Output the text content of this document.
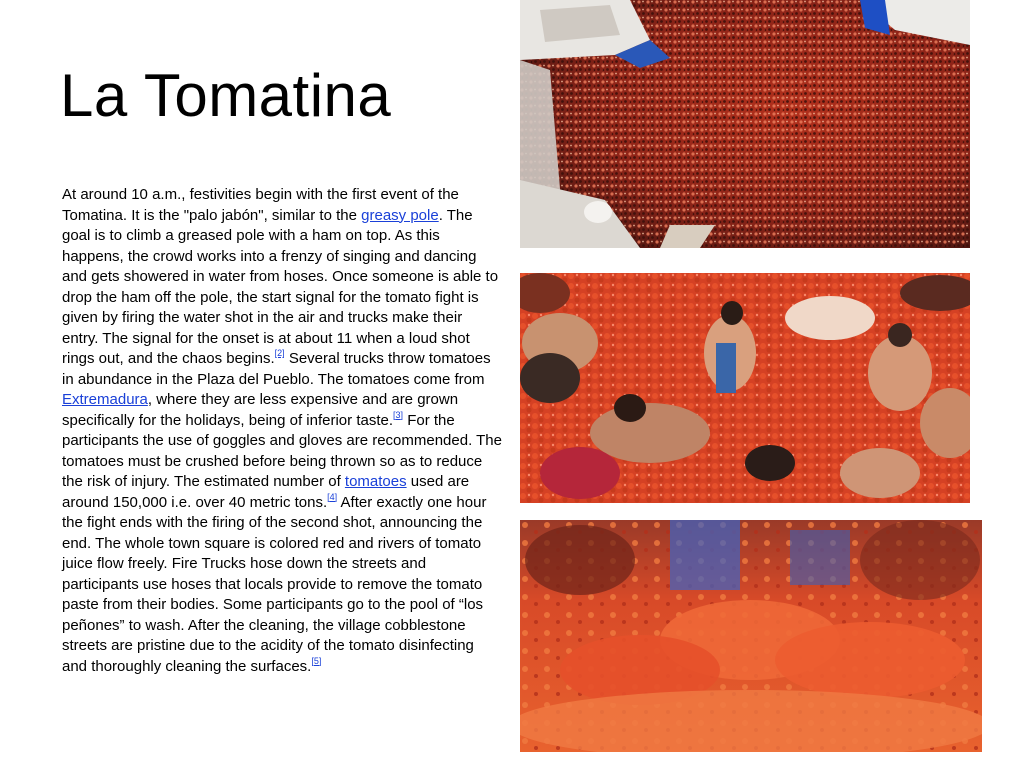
La Tomatina
At around 10 a.m., festivities begin with the first event of the Tomatina. It is the "palo jabón", similar to the greasy pole. The goal is to climb a greased pole with a ham on top. As this happens, the crowd works into a frenzy of singing and dancing and gets showered in water from hoses. Once someone is able to drop the ham off the pole, the start signal for the tomato fight is given by firing the water shot in the air and trucks make their entry. The signal for the onset is at about 11 when a loud shot rings out, and the chaos begins.[2] Several trucks throw tomatoes in abundance in the Plaza del Pueblo. The tomatoes come from Extremadura, where they are less expensive and are grown specifically for the holidays, being of inferior taste.[3] For the participants the use of goggles and gloves are recommended. The tomatoes must be crushed before being thrown so as to reduce the risk of injury. The estimated number of tomatoes used are around 150,000 i.e. over 40 metric tons.[4] After exactly one hour the fight ends with the firing of the second shot, announcing the end. The whole town square is colored red and rivers of tomato juice flow freely. Fire Trucks hose down the streets and participants use hoses that locals provide to remove the tomato paste from their bodies. Some participants go to the pool of “los peñones” to wash. After the cleaning, the village cobblestone streets are pristine due to the acidity of the tomato disinfecting and thoroughly cleaning the surfaces.[5]
